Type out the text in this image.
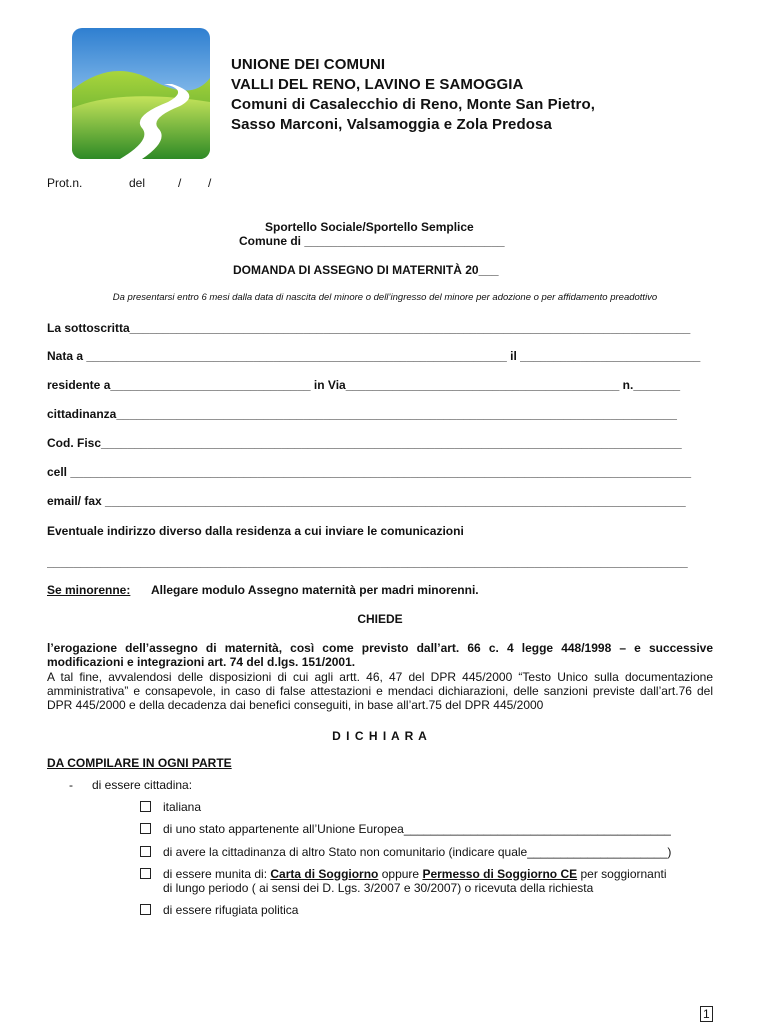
UNIONE DEI COMUNI
VALLI DEL RENO, LAVINO E SAMOGGIA
Comuni di Casalecchio di Reno, Monte San Pietro,
Sasso Marconi, Valsamoggia e Zola Predosa
Prot.n.	del	/ /
Sportello Sociale/Sportello Semplice
Comune di ______________________________
DOMANDA DI ASSEGNO DI MATERNITÀ 20___
Da presentarsi entro 6 mesi dalla data di nascita del minore o dell’ingresso del minore per adozione o per affidamento preadottivo
La sottoscritta____________________________________________________________________________________
Nata a _______________________________________________________________ il ___________________________
residente a______________________________ in Via_________________________________________ n._______
cittadinanza____________________________________________________________________________________
Cod. Fisc_______________________________________________________________________________________
cell _____________________________________________________________________________________________
email/ fax _______________________________________________________________________________________
Eventuale indirizzo diverso dalla residenza a cui inviare le comunicazioni
________________________________________________________________________________________________
Se minorenne: Allegare modulo Assegno maternità per madri minorenni.
CHIEDE
l’erogazione dell’assegno di maternità, così come previsto dall’art. 66 c. 4 legge 448/1998 – e successive modificazioni e integrazioni art. 74 del d.lgs. 151/2001.
A tal fine, avvalendosi delle disposizioni di cui agli artt. 46, 47 del DPR 445/2000 “Testo Unico sulla documentazione amministrativa” e consapevole, in caso di false attestazioni e mendaci dichiarazioni, delle sanzioni previste dall’art.76 del DPR 445/2000 e della decadenza dai benefici conseguiti, in base all’art.75 del DPR 445/2000
D I C H I A R A
DA COMPILARE IN OGNI PARTE
- di essere cittadina:
italiana
di uno stato appartenente all’Unione Europea________________________________________
di avere la cittadinanza di altro Stato non comunitario (indicare quale_____________________)
di essere munita di: Carta di Soggiorno oppure Permesso di Soggiorno CE per soggiornanti
di lungo periodo ( ai sensi dei D. Lgs. 3/2007 e 30/2007) o ricevuta della richiesta
di essere rifugiata politica
1
